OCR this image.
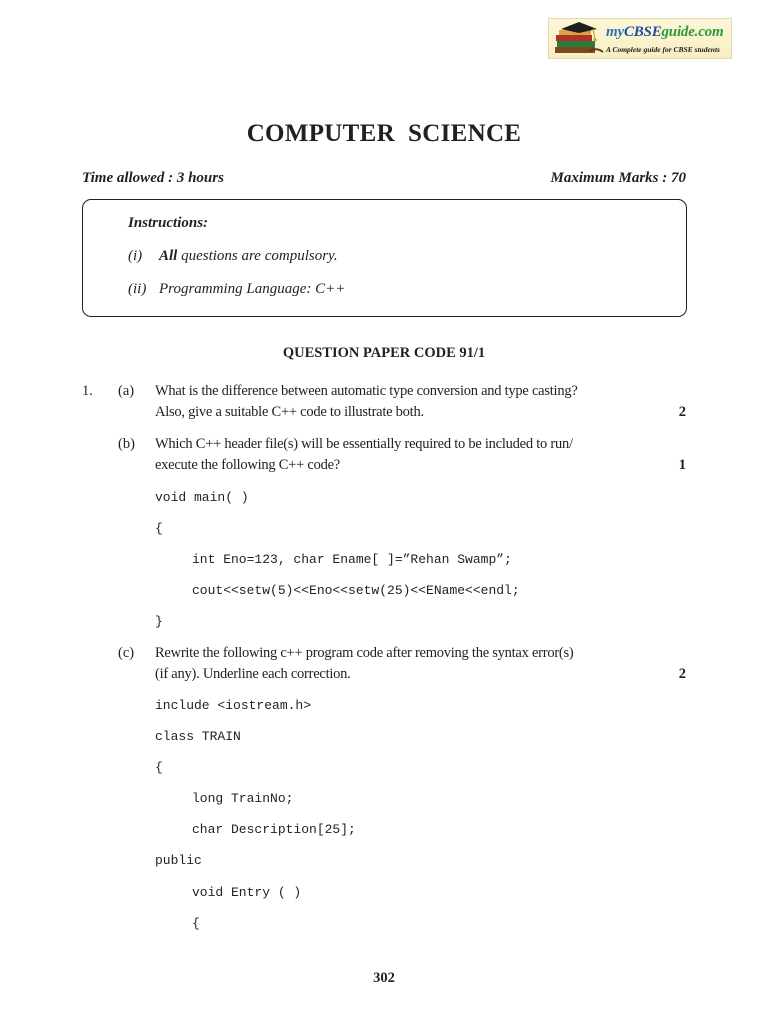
myCBSEguide.com
A Complete guide for CBSE students
COMPUTER  SCIENCE
Time allowed : 3 hours	Maximum Marks : 70
Instructions:
(i) All questions are compulsory.
(ii) Programming Language: C++
QUESTION PAPER CODE 91/1
1. (a) What is the difference between automatic type conversion and type casting?
Also, give a suitable C++ code to illustrate both.	2
(b) Which C++ header file(s) will be essentially required to be included to run/
execute the following C++ code?	1
void main( )
{
int Eno=123, char Ename[ ]=”Rehan Swamp”;
cout<<setw(5)<<Eno<<setw(25)<<EName<<endl;
}
(c) Rewrite the following c++ program code after removing the syntax error(s)
(if any). Underline each correction.	2
include <iostream.h>
class TRAIN
{
long TrainNo;
char Description[25];
public
void Entry ( )
{
302
